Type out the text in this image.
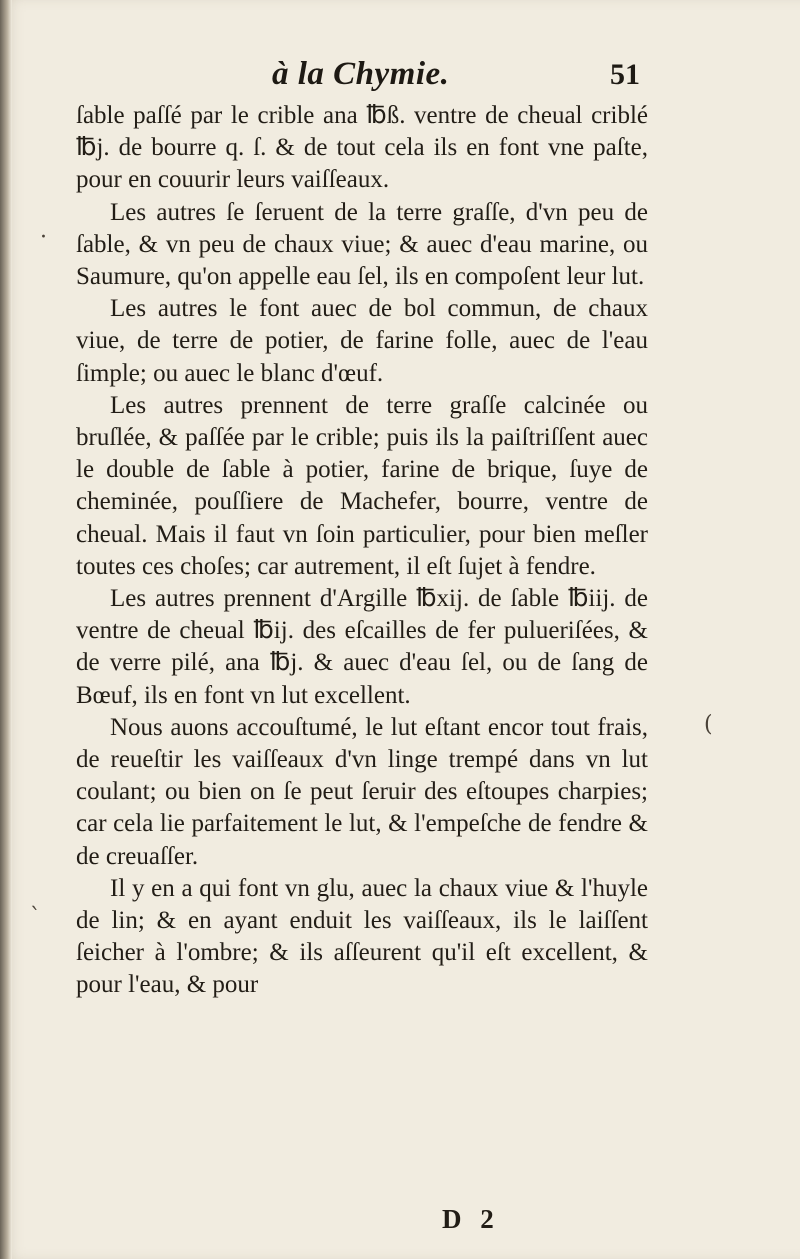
à la Chymie.	51

ſable paſſé par le crible ana ℔ß. ventre de cheual criblé ℔j. de bourre q. ſ. & de tout cela ils en font vne paſte, pour en couurir leurs vaiſſeaux.

Les autres ſe ſeruent de la terre graſſe, d'vn peu de ſable, & vn peu de chaux viue; & auec d'eau marine, ou Saumure, qu'on appelle eau ſel, ils en compoſent leur lut.

Les autres le font auec de bol commun, de chaux viue, de terre de potier, de farine folle, auec de l'eau ſimple; ou auec le blanc d'œuf.

Les autres prennent de terre graſſe calcinée ou bruſlée, & paſſée par le crible; puis ils la paiſtriſſent auec le double de ſable à potier, farine de brique, ſuye de cheminée, pouſſiere de Machefer, bourre, ventre de cheual. Mais il faut vn ſoin particulier, pour bien meſler toutes ces choſes; car autrement, il eſt ſujet à fendre.

Les autres prennent d'Argille ℔xij. de ſable ℔iij. de ventre de cheual ℔ij. des eſcailles de fer pulueriſées, & de verre pilé, ana ℔j. & auec d'eau ſel, ou de ſang de Bœuf, ils en font vn lut excellent.

Nous auons accouſtumé, le lut eſtant encor tout frais, de reueſtir les vaiſſeaux d'vn linge trempé dans vn lut coulant; ou bien on ſe peut ſeruir des eſtoupes charpies; car cela lie parfaitement le lut, & l'empeſche de fendre & de creuaſſer.

Il y en a qui font vn glu, auec la chaux viue & l'huyle de lin; & en ayant enduit les vaiſſeaux, ils le laiſſent ſeicher à l'ombre; & ils aſſeurent qu'il eſt excellent, & pour l'eau, & pour

D 2
·
ˋ
(
